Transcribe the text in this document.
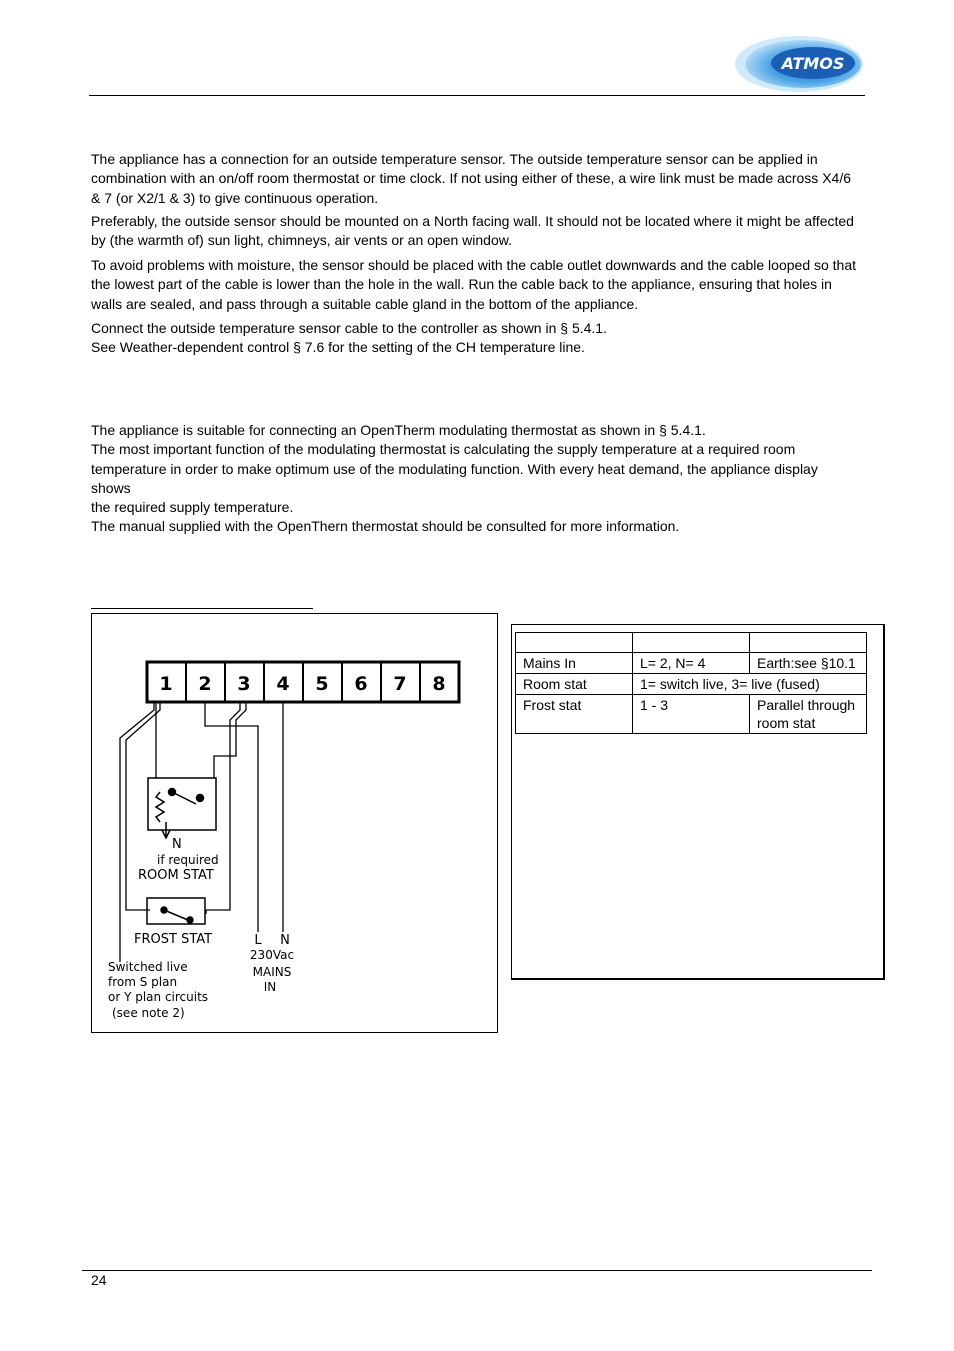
ATMOS
The appliance has a connection for an outside temperature sensor. The outside temperature sensor can be applied in
combination with an on/off room thermostat or time clock. If not using either of these, a wire link must be made across X4/6
& 7 (or X2/1 & 3) to give continuous operation.
Preferably, the outside sensor should be mounted on a North facing wall. It should not be located where it might be affected
by (the warmth of) sun light, chimneys, air vents or an open window.
To avoid problems with moisture, the sensor should be placed with the cable outlet downwards and the cable looped so that
the lowest part of the cable is lower than the hole in the wall. Run the cable back to the appliance, ensuring that holes in
walls are sealed, and pass through a suitable cable gland in the bottom of the appliance.
Connect the outside temperature sensor cable to the controller as shown in § 5.4.1.
See Weather-dependent control § 7.6 for the setting of the CH temperature line.
The appliance is suitable for connecting an OpenTherm modulating thermostat as shown in § 5.4.1.
The most important function of the modulating thermostat is calculating the supply temperature at a required room
temperature in order to make optimum use of the modulating function. With every heat demand, the appliance display shows
the required supply temperature.
The manual supplied with the OpenThern thermostat should be consulted for more information.
1 2 3 4 5 6 7 8
N
if required
ROOM STAT
FROST STAT	L N
230Vac
MAINS
IN
Switched live
from S plan
or Y plan circuits
(see note 2)

Mains In	L= 2, N= 4	Earth:see §10.1
Room stat	1= switch live, 3= live (fused)	
Frost stat	1 - 3	Parallel through
room stat
24
